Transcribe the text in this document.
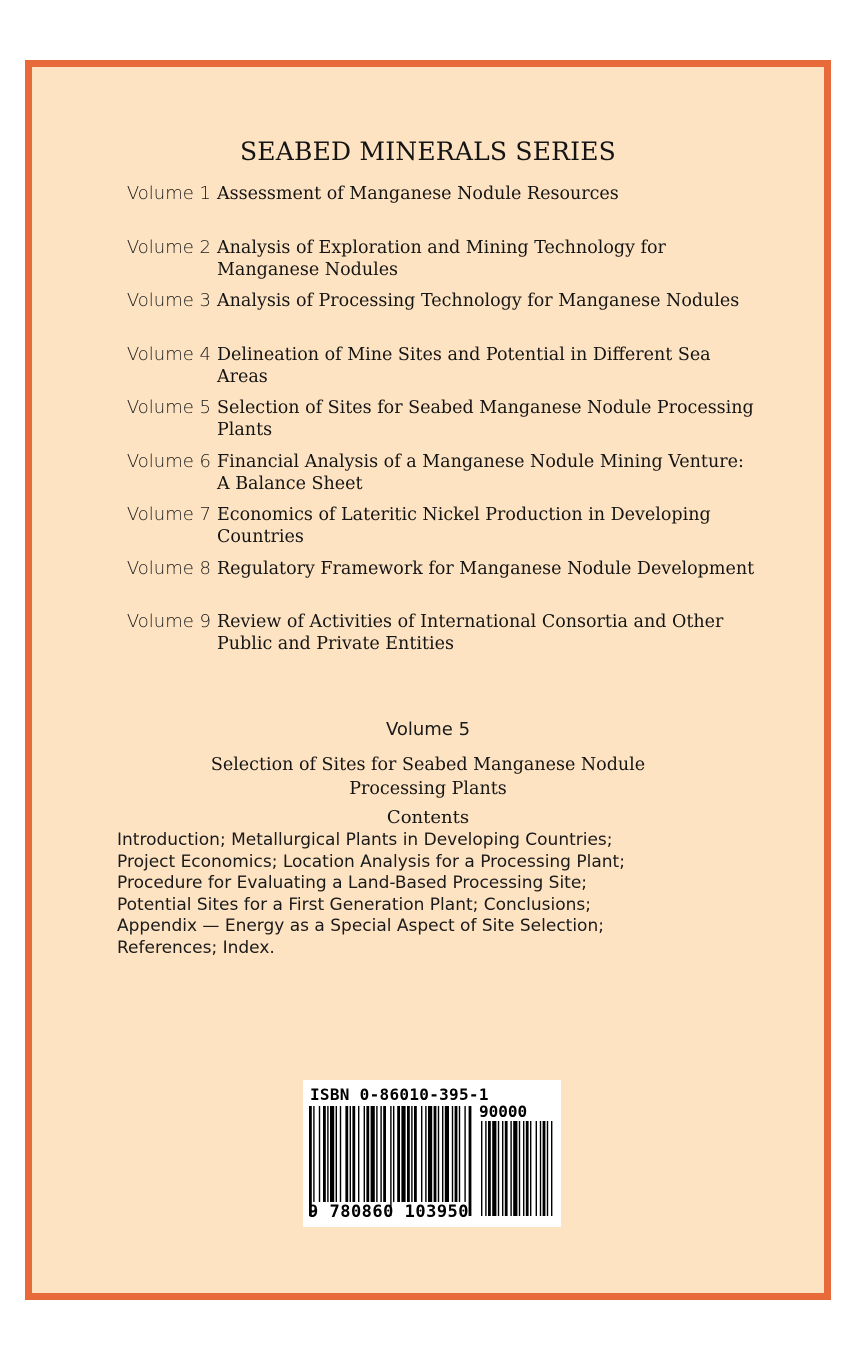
SEABED MINERALS SERIES
Volume 1 Assessment of Manganese Nodule Resources
Volume 2 Analysis of Exploration and Mining Technology for Manganese Nodules
Volume 3 Analysis of Processing Technology for Manganese Nodules
Volume 4 Delineation of Mine Sites and Potential in Different Sea Areas
Volume 5 Selection of Sites for Seabed Manganese Nodule Processing Plants
Volume 6 Financial Analysis of a Manganese Nodule Mining Venture: A Balance Sheet
Volume 7 Economics of Lateritic Nickel Production in Developing Countries
Volume 8 Regulatory Framework for Manganese Nodule Development
Volume 9 Review of Activities of International Consortia and Other Public and Private Entities
Volume 5
Selection of Sites for Seabed Manganese Nodule
Processing Plants
Contents
Introduction; Metallurgical Plants in Developing Countries;
Project Economics; Location Analysis for a Processing Plant;
Procedure for Evaluating a Land-Based Processing Site;
Potential Sites for a First Generation Plant; Conclusions;
Appendix — Energy as a Special Aspect of Site Selection;
References; Index.
ISBN 0-86010-395-1
90000
9 780860 103950
